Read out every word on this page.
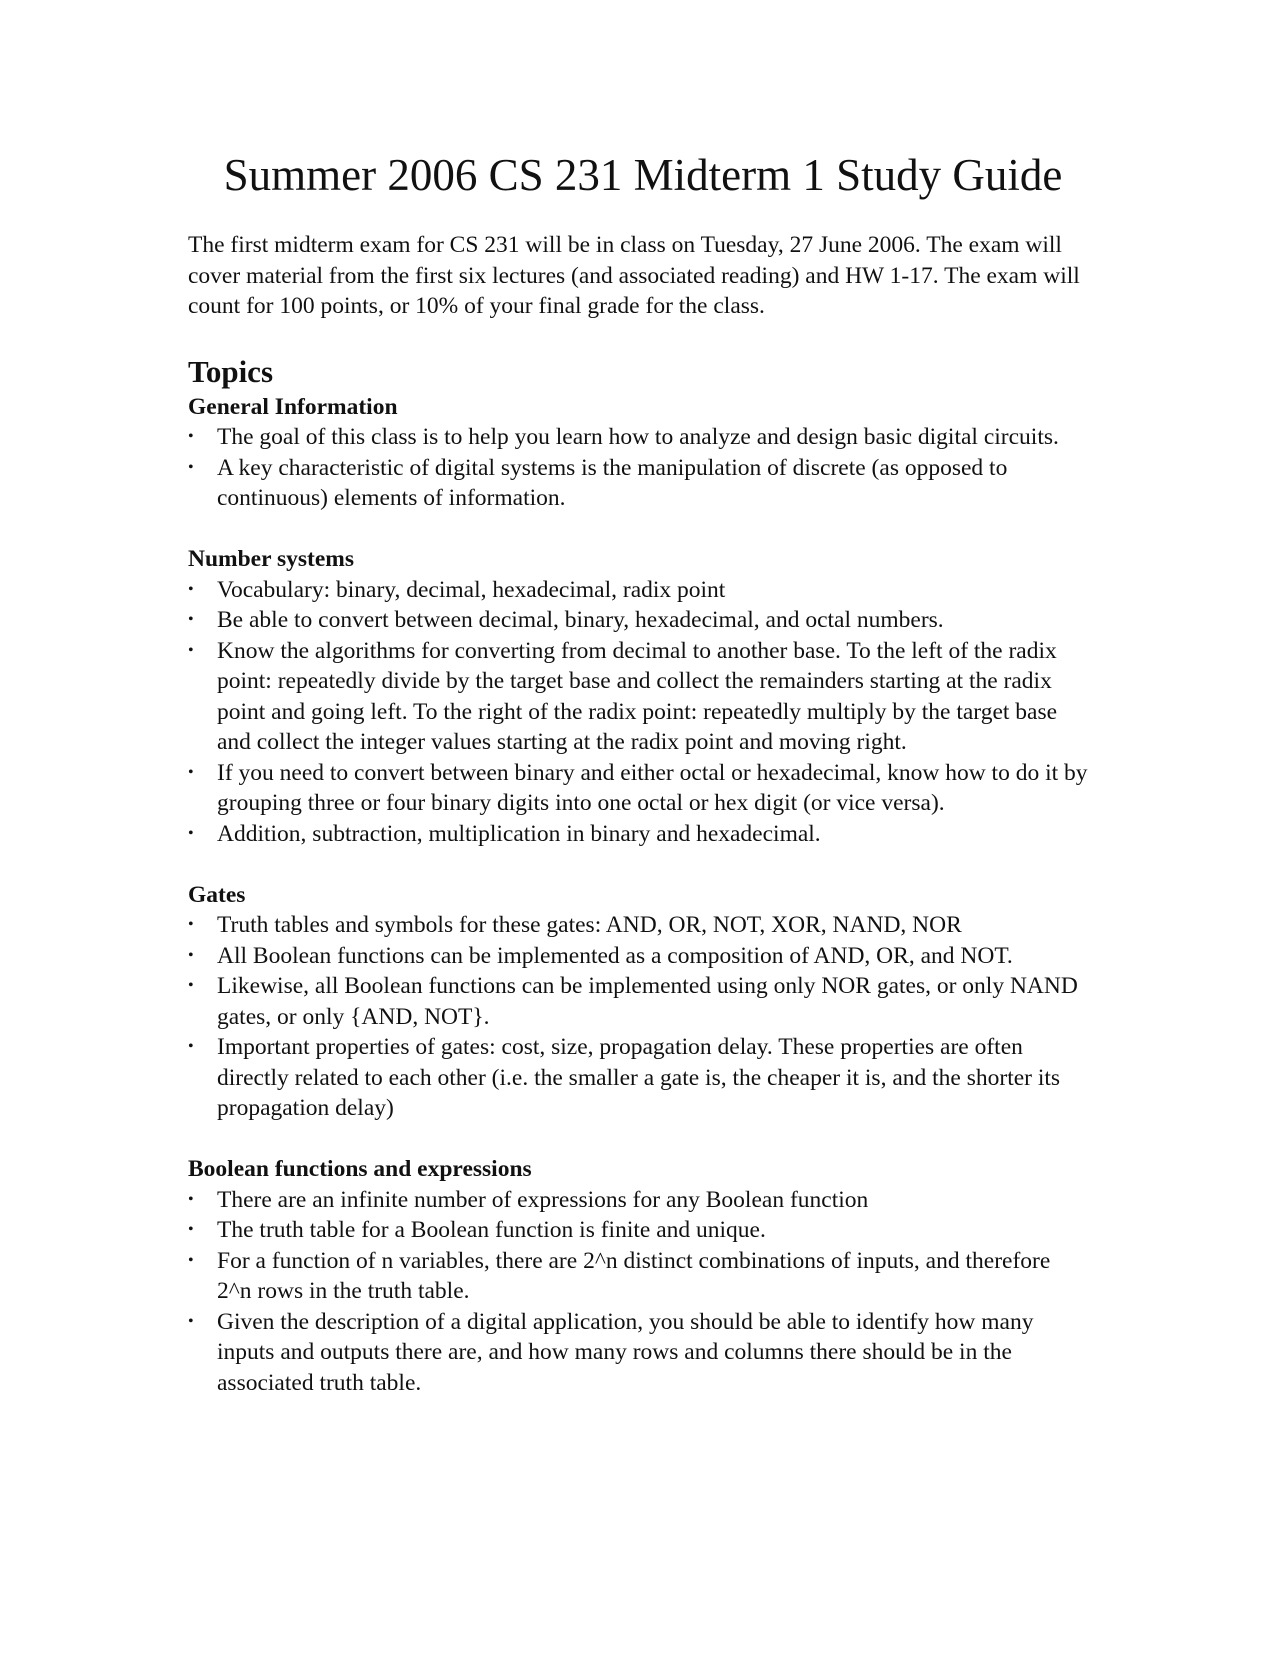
Summer 2006 CS 231 Midterm 1 Study Guide

The first midterm exam for CS 231 will be in class on Tuesday, 27 June 2006. The exam will cover material from the first six lectures (and associated reading) and HW 1-17. The exam will count for 100 points, or 10% of your final grade for the class.

Topics
General Information
• The goal of this class is to help you learn how to analyze and design basic digital circuits.
• A key characteristic of digital systems is the manipulation of discrete (as opposed to continuous) elements of information.
Number systems
• Vocabulary: binary, decimal, hexadecimal, radix point
• Be able to convert between decimal, binary, hexadecimal, and octal numbers.
• Know the algorithms for converting from decimal to another base. To the left of the radix point: repeatedly divide by the target base and collect the remainders starting at the radix point and going left. To the right of the radix point: repeatedly multiply by the target base and collect the integer values starting at the radix point and moving right.
• If you need to convert between binary and either octal or hexadecimal, know how to do it by grouping three or four binary digits into one octal or hex digit (or vice versa).
• Addition, subtraction, multiplication in binary and hexadecimal.
Gates
• Truth tables and symbols for these gates: AND, OR, NOT, XOR, NAND, NOR
• All Boolean functions can be implemented as a composition of AND, OR, and NOT.
• Likewise, all Boolean functions can be implemented using only NOR gates, or only NAND gates, or only {AND, NOT}.
• Important properties of gates: cost, size, propagation delay. These properties are often directly related to each other (i.e. the smaller a gate is, the cheaper it is, and the shorter its propagation delay)
Boolean functions and expressions
• There are an infinite number of expressions for any Boolean function
• The truth table for a Boolean function is finite and unique.
• For a function of n variables, there are 2^n distinct combinations of inputs, and therefore 2^n rows in the truth table.
• Given the description of a digital application, you should be able to identify how many inputs and outputs there are, and how many rows and columns there should be in the associated truth table.
